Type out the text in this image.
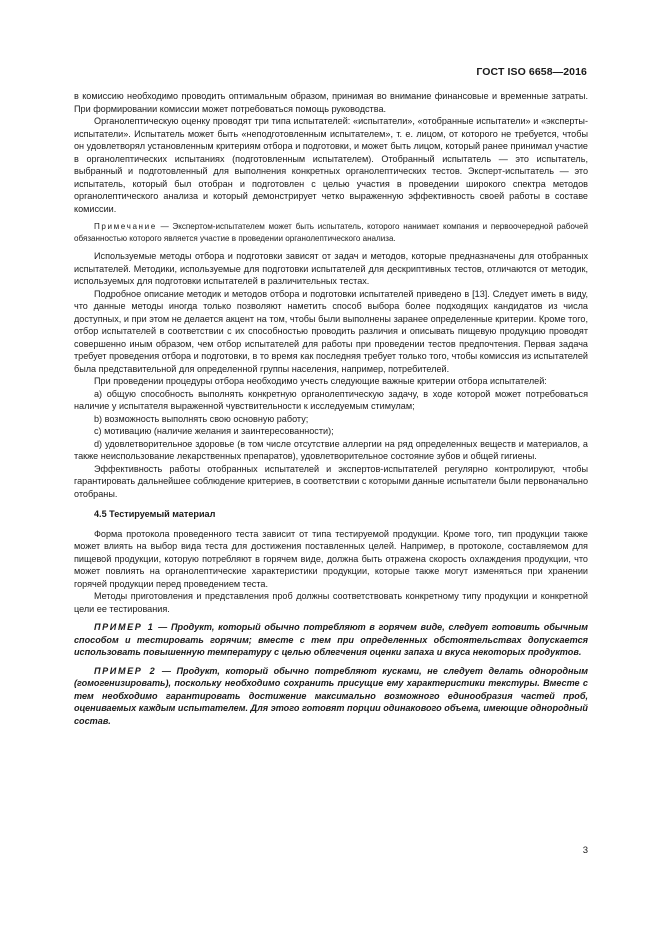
ГОСТ ISO 6658—2016

в комиссию необходимо проводить оптимальным образом, принимая во внимание финансовые и временные затраты. При формировании комиссии может потребоваться помощь руководства.

Органолептическую оценку проводят три типа испытателей: «испытатели», «отобранные испытатели» и «эксперты-испытатели». Испытатель может быть «неподготовленным испытателем», т. е. лицом, от которого не требуется, чтобы он удовлетворял установленным критериям отбора и подготовки, и может быть лицом, который ранее принимал участие в органолептических испытаниях (подготовленным испытателем). Отобранный испытатель — это испытатель, выбранный и подготовленный для выполнения конкретных органолептических тестов. Эксперт-испытатель — это испытатель, который был отобран и подготовлен с целью участия в проведении широкого спектра методов органолептического анализа и который демонстрирует четко выраженную эффективность своей работы в составе комиссии.

Примечание — Экспертом-испытателем может быть испытатель, которого нанимает компания и первоочередной рабочей обязанностью которого является участие в проведении органолептического анализа.

Используемые методы отбора и подготовки зависят от задач и методов, которые предназначены для отобранных испытателей. Методики, используемые для подготовки испытателей для дескриптивных тестов, отличаются от методик, используемых для подготовки испытателей в различительных тестах.

Подробное описание методик и методов отбора и подготовки испытателей приведено в [13]. Следует иметь в виду, что данные методы иногда только позволяют наметить способ выбора более подходящих кандидатов из числа доступных, и при этом не делается акцент на том, чтобы были выполнены заранее определенные критерии. Кроме того, отбор испытателей в соответствии с их способностью проводить различия и описывать пищевую продукцию проводят совершенно иным образом, чем отбор испытателей для работы при проведении тестов предпочтения. Первая задача требует проведения отбора и подготовки, в то время как последняя требует только того, чтобы комиссия из испытателей была представительной для определенной группы населения, например, потребителей.

При проведении процедуры отбора необходимо учесть следующие важные критерии отбора испытателей:

a) общую способность выполнять конкретную органолептическую задачу, в ходе которой может потребоваться наличие у испытателя выраженной чувствительности к исследуемым стимулам;

b) возможность выполнять свою основную работу;

c) мотивацию (наличие желания и заинтересованности);

d) удовлетворительное здоровье (в том числе отсутствие аллергии на ряд определенных веществ и материалов, а также неиспользование лекарственных препаратов), удовлетворительное состояние зубов и общей гигиены.

Эффективность работы отобранных испытателей и экспертов-испытателей регулярно контролируют, чтобы гарантировать дальнейшее соблюдение критериев, в соответствии с которыми данные испытатели были первоначально отобраны.

4.5 Тестируемый материал

Форма протокола проведенного теста зависит от типа тестируемой продукции. Кроме того, тип продукции также может влиять на выбор вида теста для достижения поставленных целей. Например, в протоколе, составляемом для пищевой продукции, которую потребляют в горячем виде, должна быть отражена скорость охлаждения продукции, что может повлиять на органолептические характеристики продукции, которые также могут изменяться при хранении горячей продукции перед проведением теста.

Методы приготовления и представления проб должны соответствовать конкретному типу продукции и конкретной цели ее тестирования.

ПРИМЕР 1 — Продукт, который обычно потребляют в горячем виде, следует готовить обычным способом и тестировать горячим; вместе с тем при определенных обстоятельствах допускается использовать повышенную температуру с целью облегчения оценки запаха и вкуса некоторых продуктов.

ПРИМЕР 2 — Продукт, который обычно потребляют кусками, не следует делать однородным (гомогенизировать), поскольку необходимо сохранить присущие ему характеристики текстуры. Вместе с тем необходимо гарантировать достижение максимально возможного единообразия частей проб, оцениваемых каждым испытателем. Для этого готовят порции одинакового объема, имеющие однородный состав.

3
